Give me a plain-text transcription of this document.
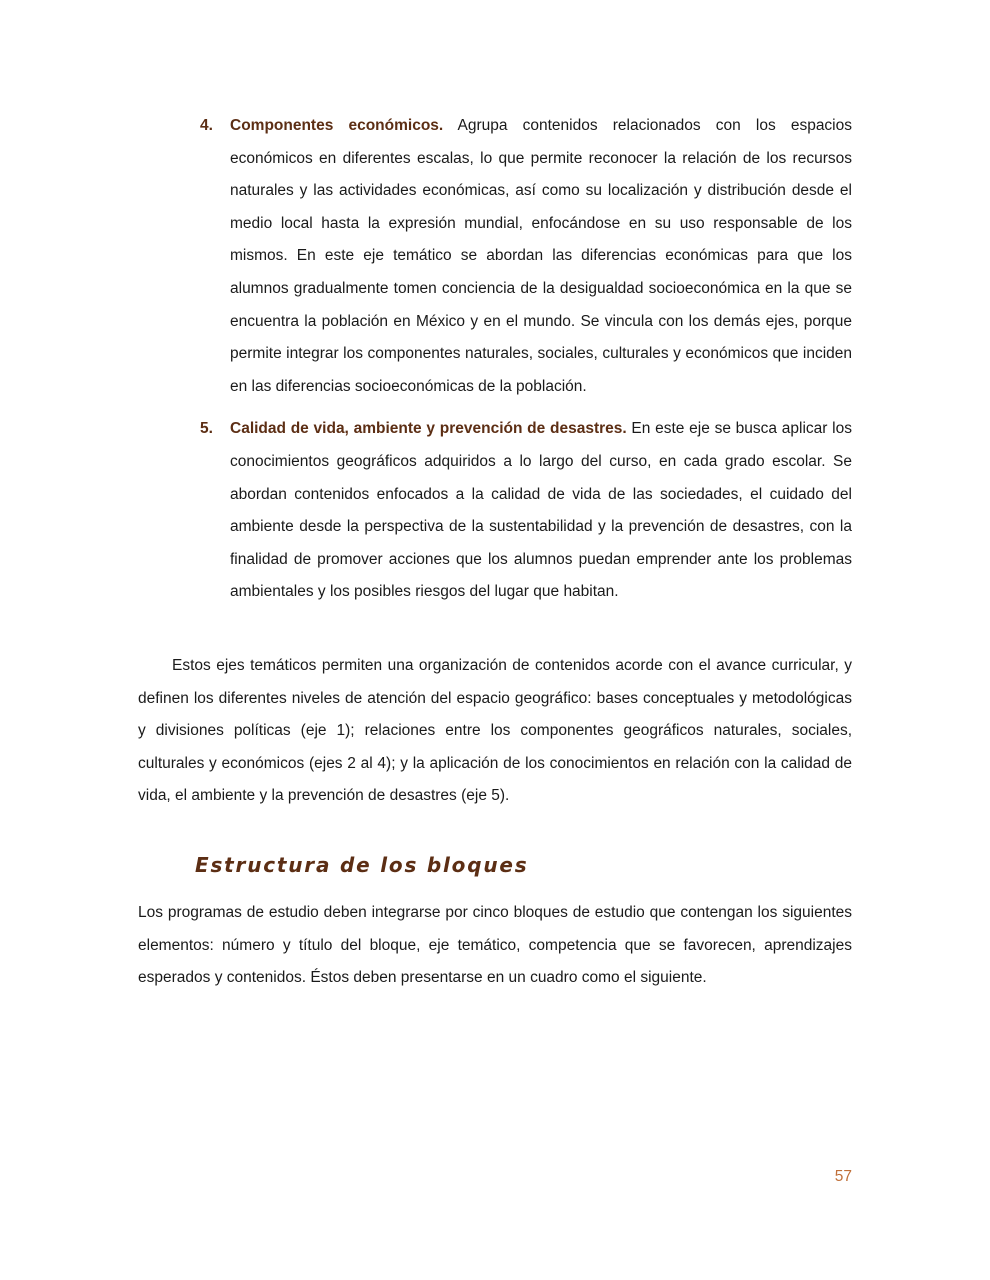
4. Componentes económicos. Agrupa contenidos relacionados con los espacios económicos en diferentes escalas, lo que permite reconocer la relación de los recursos naturales y las actividades económicas, así como su localización y distribución desde el medio local hasta la expresión mundial, enfocándose en su uso responsable de los mismos. En este eje temático se abordan las diferencias económicas para que los alumnos gradualmente tomen conciencia de la desigualdad socioeconómica en la que se encuentra la población en México y en el mundo. Se vincula con los demás ejes, porque permite integrar los componentes naturales, sociales, culturales y económicos que inciden en las diferencias socioeconómicas de la población.
5. Calidad de vida, ambiente y prevención de desastres. En este eje se busca aplicar los conocimientos geográficos adquiridos a lo largo del curso, en cada grado escolar. Se abordan contenidos enfocados a la calidad de vida de las sociedades, el cuidado del ambiente desde la perspectiva de la sustentabilidad y la prevención de desastres, con la finalidad de promover acciones que los alumnos puedan emprender ante los problemas ambientales y los posibles riesgos del lugar que habitan.

Estos ejes temáticos permiten una organización de contenidos acorde con el avance curricular, y definen los diferentes niveles de atención del espacio geográfico: bases conceptuales y metodológicas y divisiones políticas (eje 1); relaciones entre los componentes geográficos naturales, sociales, culturales y económicos (ejes 2 al 4); y la aplicación de los conocimientos en relación con la calidad de vida, el ambiente y la prevención de desastres (eje 5).

Estructura de los bloques

Los programas de estudio deben integrarse por cinco bloques de estudio que contengan los siguientes elementos: número y título del bloque, eje temático, competencia que se favorecen, aprendizajes esperados y contenidos. Éstos deben presentarse en un cuadro como el siguiente.

57
